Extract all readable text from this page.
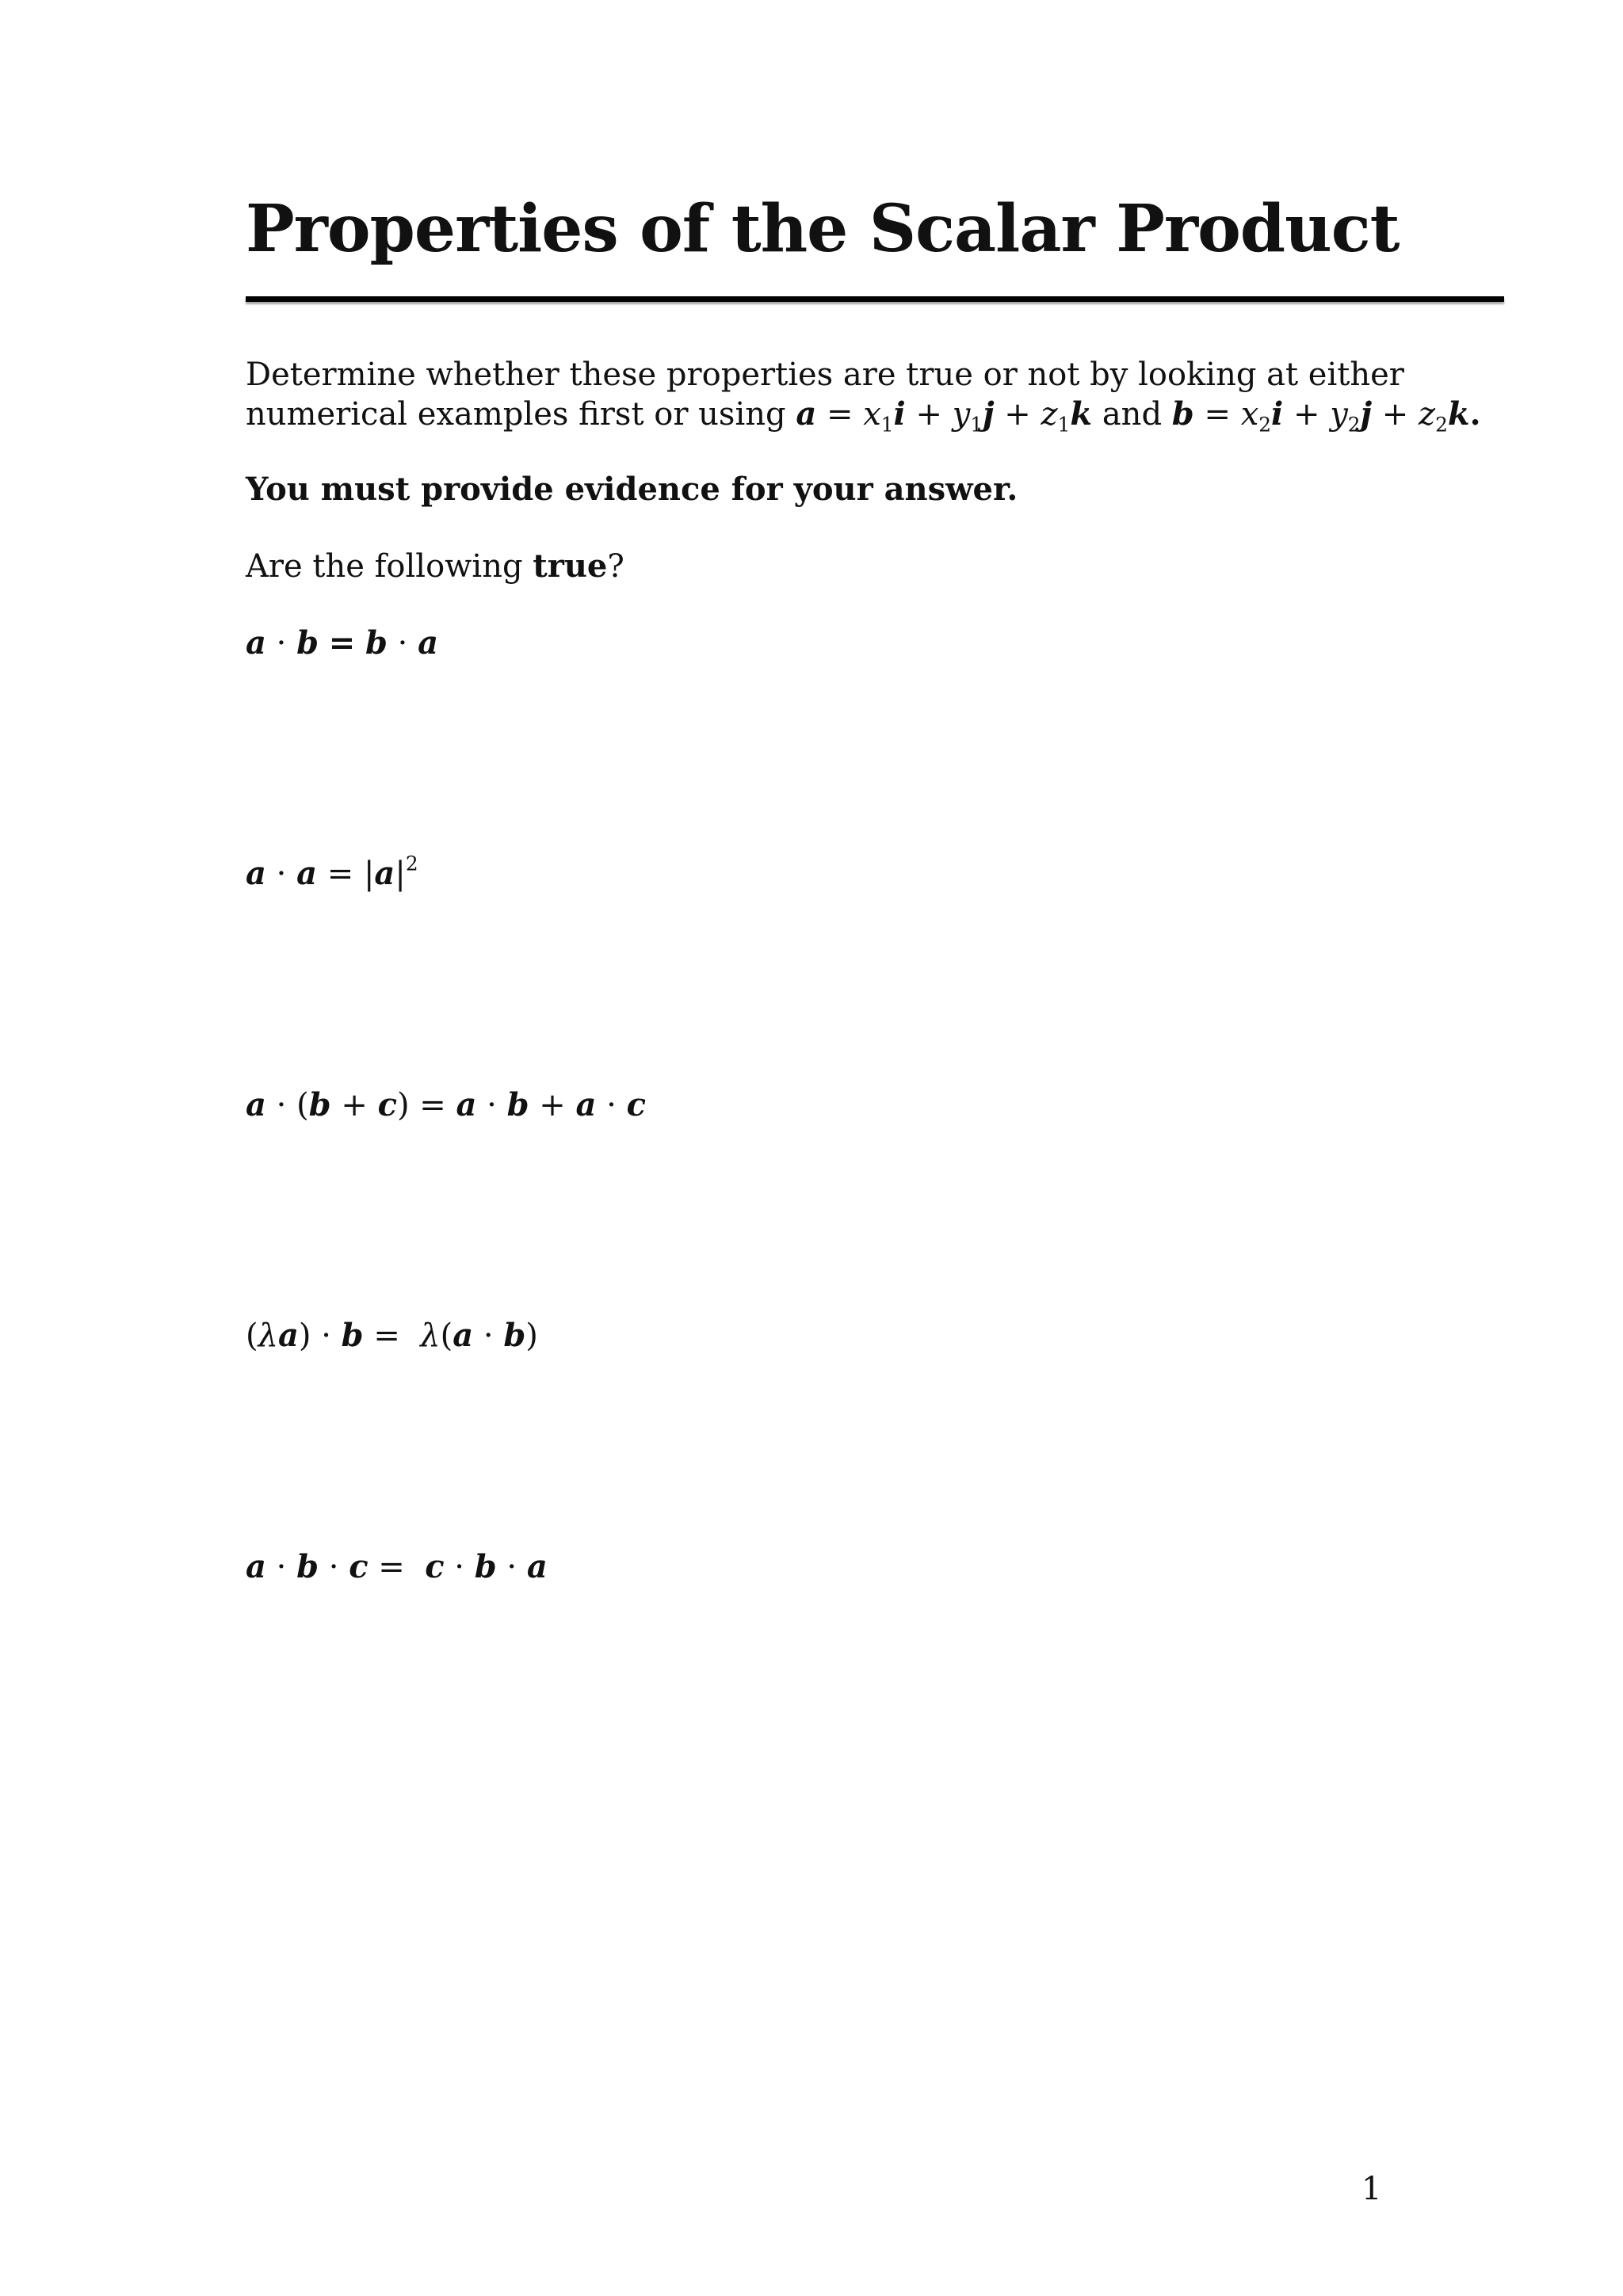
Properties of the Scalar Product

Determine whether these properties are true or not by looking at either
numerical examples first or using $a = x_1i + y_1j + z_1k$ and $b = x_2i + y_2j + z_2k$.

You must provide evidence for your answer.

Are the following true?

a · b = b · a

$a \cdot a = |a|^2$

a · (b + c) = a · b + a · c

(λa) · b =  λ(a · b)

a · b · c =  c · b · a

1
